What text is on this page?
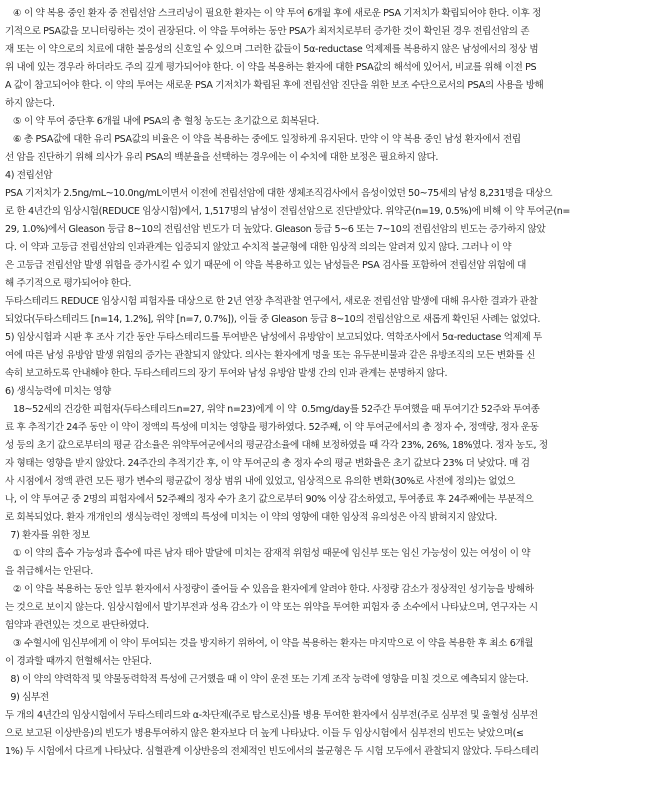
④ 이 약 복용 중인 환자 중 전립선암 스크리닝이 필요한 환자는 이 약 투여 6개월 후에 새로운 PSA 기저치가 확립되어야 한다. 이후 정
기적으로 PSA값을 모니터링하는 것이 권장된다. 이 약을 투여하는 동안 PSA가 최저치로부터 증가한 것이 확인된 경우 전립선암의 존
재 또는 이 약으로의 치료에 대한 불응성의 신호일 수 있으며 그러한 값들이 5α-reductase 억제제를 복용하지 않은 남성에서의 정상 범
위 내에 있는 경우라 하더라도 주의 깊게 평가되어야 한다. 이 약을 복용하는 환자에 대한 PSA값의 해석에 있어서, 비교를 위해 이전 PS
A 값이 참고되어야 한다. 이 약의 투여는 새로운 PSA 기저치가 확립된 후에 전립선암 진단을 위한 보조 수단으로서의 PSA의 사용을 방해
하지 않는다.
⑤ 이 약 투여 중단후 6개월 내에 PSA의 총 혈청 농도는 초기값으로 회복된다.
⑥ 총 PSA값에 대한 유리 PSA값의 비율은 이 약을 복용하는 중에도 일정하게 유지된다. 만약 이 약 복용 중인 남성 환자에서 전립
선 암을 진단하기 위해 의사가 유리 PSA의 백분율을 선택하는 경우에는 이 수치에 대한 보정은 필요하지 않다.
4) 전립선암
PSA 기저치가 2.5ng/mL~10.0ng/mL이면서 이전에 전립선암에 대한 생체조직검사에서 음성이었던 50~75세의 남성 8,231명을 대상으
로 한 4년간의 임상시험(REDUCE 임상시험)에서, 1,517명의 남성이 전립선암으로 진단받았다. 위약군(n=19, 0.5%)에 비해 이 약 투여군(n=
29, 1.0%)에서 Gleason 등급 8~10의 전립선암 빈도가 더 높았다. Gleason 등급 5~6 또는 7~10의 전립선암의 빈도는 증가하지 않았
다. 이 약과 고등급 전립선암의 인과관계는 입증되지 않았고 수치적 불균형에 대한 임상적 의의는 알려져 있지 않다. 그러나 이 약
은 고등급 전립선암 발생 위험을 증가시킬 수 있기 때문에 이 약을 복용하고 있는 남성들은 PSA 검사를 포함하여 전립선암 위험에 대
해 주기적으로 평가되어야 한다.
두타스테리드 REDUCE 임상시험 피험자를 대상으로 한 2년 연장 추적관찰 연구에서, 새로운 전립선암 발생에 대해 유사한 결과가 관찰
되었다(두타스테리드 [n=14, 1.2%], 위약 [n=7, 0.7%]), 이들 중 Gleason 등급 8~10의 전립선암으로 새롭게 확인된 사례는 없었다.
5) 임상시험과 시판 후 조사 기간 동안 두타스테리드를 투여받은 남성에서 유방암이 보고되었다. 역학조사에서 5α-reductase 억제제 투
여에 따른 남성 유방암 발생 위험의 증가는 관찰되지 않았다. 의사는 환자에게 멍울 또는 유두분비물과 같은 유방조직의 모든 변화를 신
속히 보고하도록 안내해야 한다. 두타스테리드의 장기 투여와 남성 유방암 발생 간의 인과 관계는 분명하지 않다.
6) 생식능력에 미치는 영향
18~52세의 건강한 피험자(두타스테리드n=27, 위약 n=23)에게 이 약  0.5mg/day를 52주간 투여했을 때 투여기간 52주와 투여종
료 후 추적기간 24주 동안 이 약이 정액의 특성에 미치는 영향을 평가하였다. 52주째, 이 약 투여군에서의 총 정자 수, 정액량, 정자 운동
성 등의 초기 값으로부터의 평균 감소율은 위약투여군에서의 평균감소율에 대해 보정하였을 때 각각 23%, 26%, 18%였다. 정자 농도, 정
자 형태는 영향을 받지 않았다. 24주간의 추적기간 후, 이 약 투여군의 총 정자 수의 평균 변화율은 초기 값보다 23% 더 낮았다. 매 검
사 시점에서 정액 관련 모든 평가 변수의 평균값이 정상 범위 내에 있었고, 임상적으로 유의한 변화(30%로 사전에 정의)는 없었으
나, 이 약 투여군 중 2명의 피험자에서 52주째의 정자 수가 초기 값으로부터 90% 이상 감소하였고, 투여종료 후 24주째에는 부분적으
로 회복되었다. 환자 개개인의 생식능력인 정액의 특성에 미치는 이 약의 영향에 대한 임상적 유의성은 아직 밝혀지지 않았다.
7) 환자를 위한 정보
① 이 약의 흡수 가능성과 흡수에 따른 남자 태아 발달에 미치는 잠재적 위험성 때문에 임신부 또는 임신 가능성이 있는 여성이 이 약
을 취급해서는 안된다.
② 이 약을 복용하는 동안 일부 환자에서 사정량이 줄어들 수 있음을 환자에게 알려야 한다. 사정량 감소가 정상적인 성기능을 방해하
는 것으로 보이지 않는다. 임상시험에서 발기부전과 성욕 감소가 이 약 또는 위약을 투여한 피험자 중 소수에서 나타났으며, 연구자는 시
험약과 관련있는 것으로 판단하였다.
③ 수혈시에 임신부에게 이 약이 투여되는 것을 방지하기 위하여, 이 약을 복용하는 환자는 마지막으로 이 약을 복용한 후 최소 6개월
이 경과할 때까지 헌혈해서는 안된다.
8) 이 약의 약력학적 및 약물동력학적 특성에 근거했을 때 이 약이 운전 또는 기계 조작 능력에 영향을 미칠 것으로 예측되지 않는다.
9) 심부전
두 개의 4년간의 임상시험에서 두타스테리드와 α-차단제(주로 탐스로신)를 병용 투여한 환자에서 심부전(주로 심부전 및 울혈성 심부전
으로 보고된 이상반응)의 빈도가 병용투여하지 않은 환자보다 더 높게 나타났다. 이들 두 임상시험에서 심부전의 빈도는 낮았으며(≤
1%) 두 시험에서 다르게 나타났다. 심혈관계 이상반응의 전체적인 빈도에서의 불균형은 두 시험 모두에서 관찰되지 않았다. 두타스테리
